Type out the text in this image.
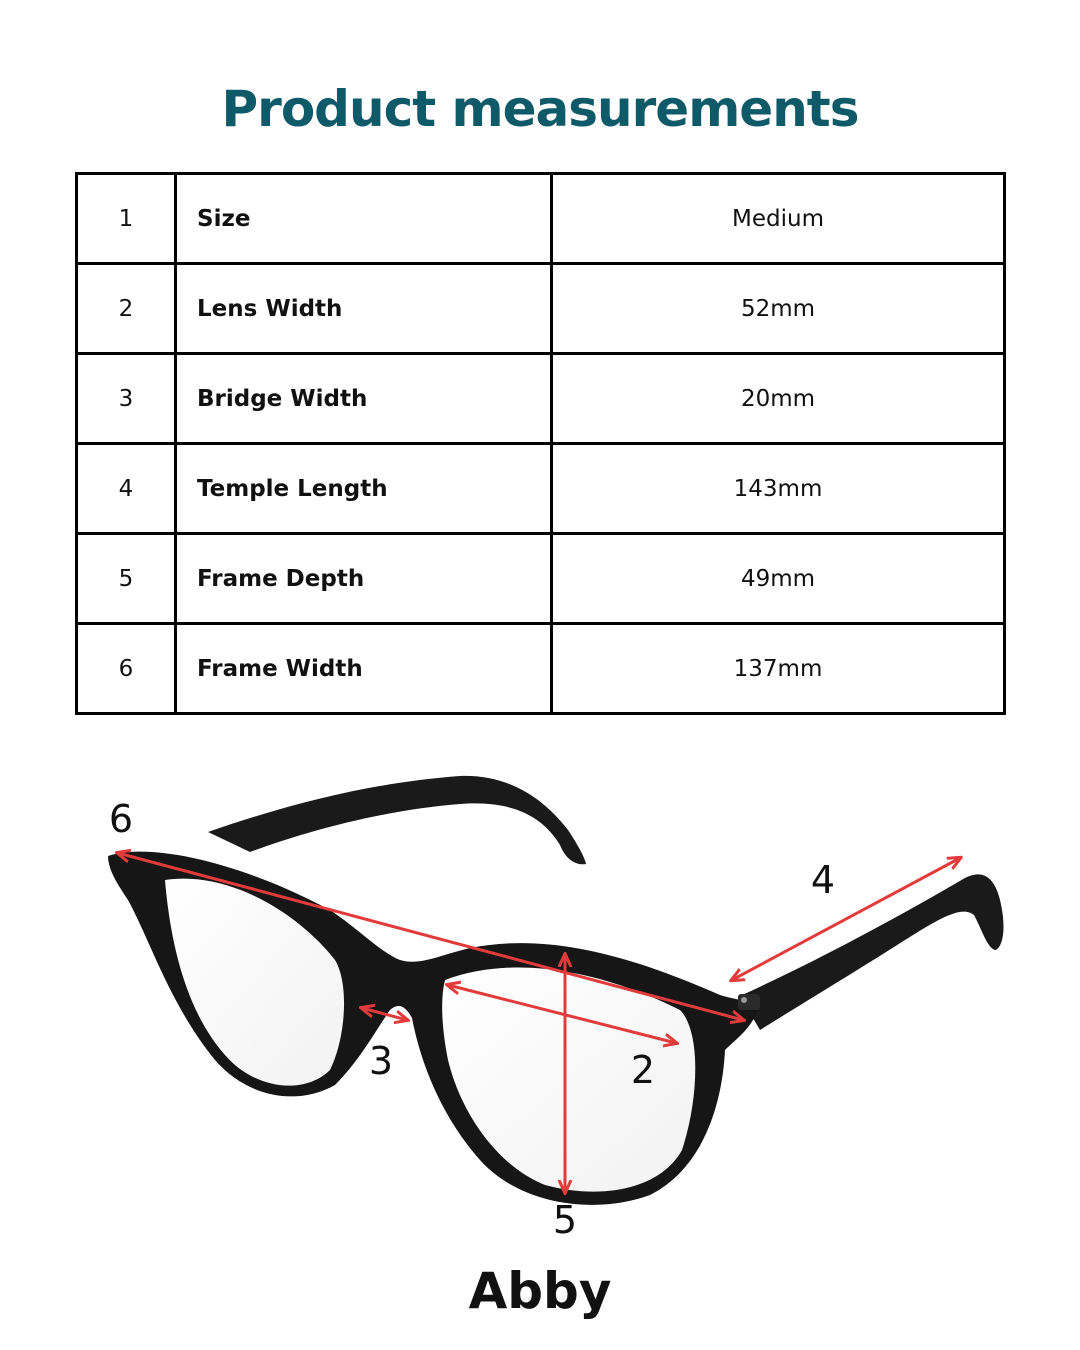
Product measurements
1	Size	Medium
2	Lens Width	52mm
3	Bridge Width	20mm
4	Temple Length	143mm
5	Frame Depth	49mm
6	Frame Width	137mm
6
4
3	2
5
Abby
